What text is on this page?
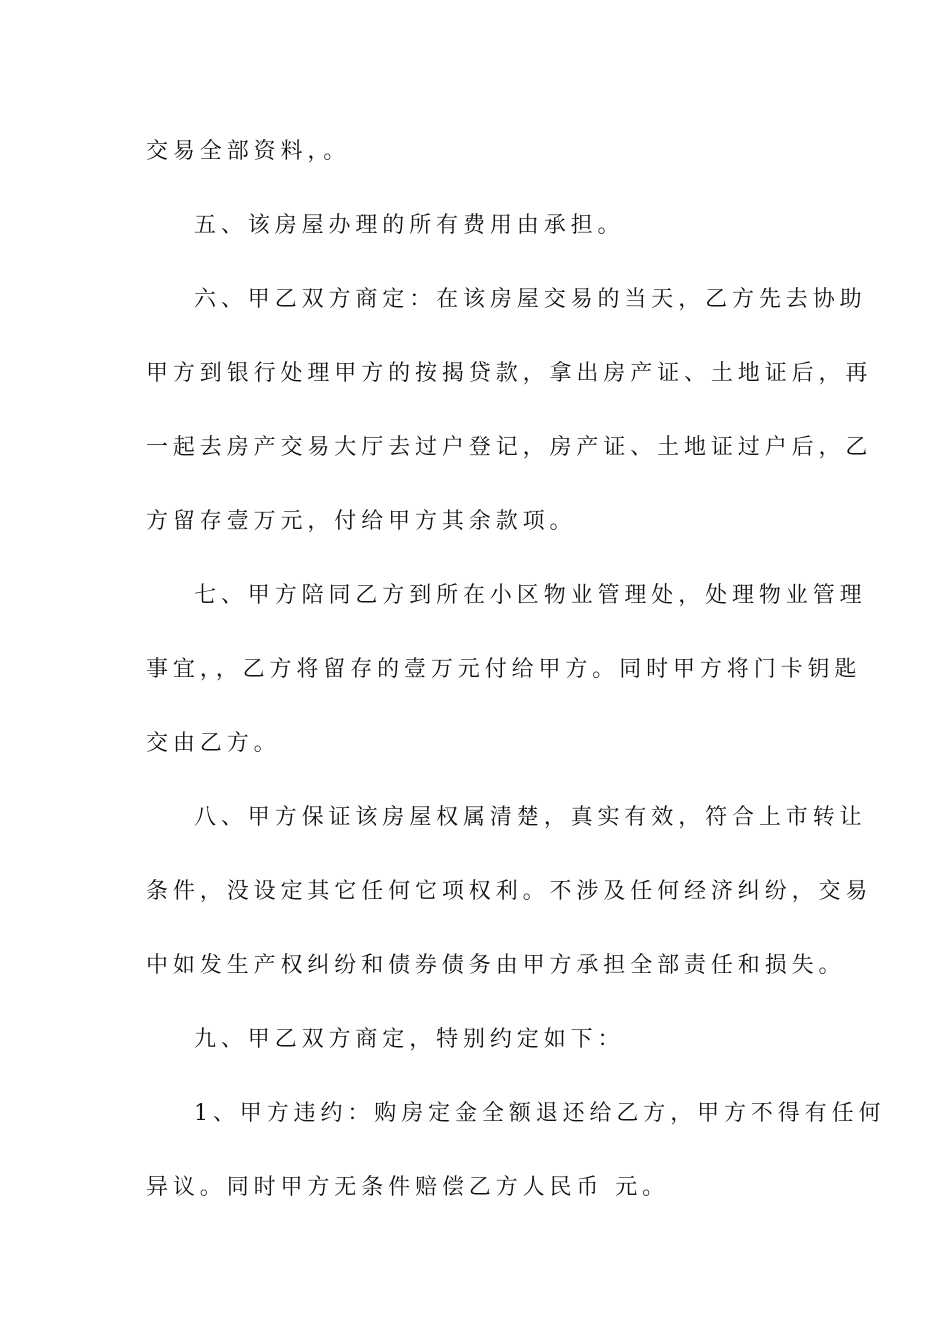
交易全部资料，。
五、该房屋办理的所有费用由承担。
六、甲乙双方商定：在该房屋交易的当天，乙方先去协助
甲方到银行处理甲方的按揭贷款，拿出房产证、土地证后，再
一起去房产交易大厅去过户登记，房产证、土地证过户后，乙
方留存壹万元，付给甲方其余款项。
七、甲方陪同乙方到所在小区物业管理处，处理物业管理
事宜，，乙方将留存的壹万元付给甲方。同时甲方将门卡钥匙
交由乙方。
八、甲方保证该房屋权属清楚，真实有效，符合上市转让
条件，没设定其它任何它项权利。不涉及任何经济纠纷，交易
中如发生产权纠纷和债券债务由甲方承担全部责任和损失。
九、甲乙双方商定，特别约定如下：
1、甲方违约：购房定金全额退还给乙方，甲方不得有任何
异议。同时甲方无条件赔偿乙方人民币 元。
